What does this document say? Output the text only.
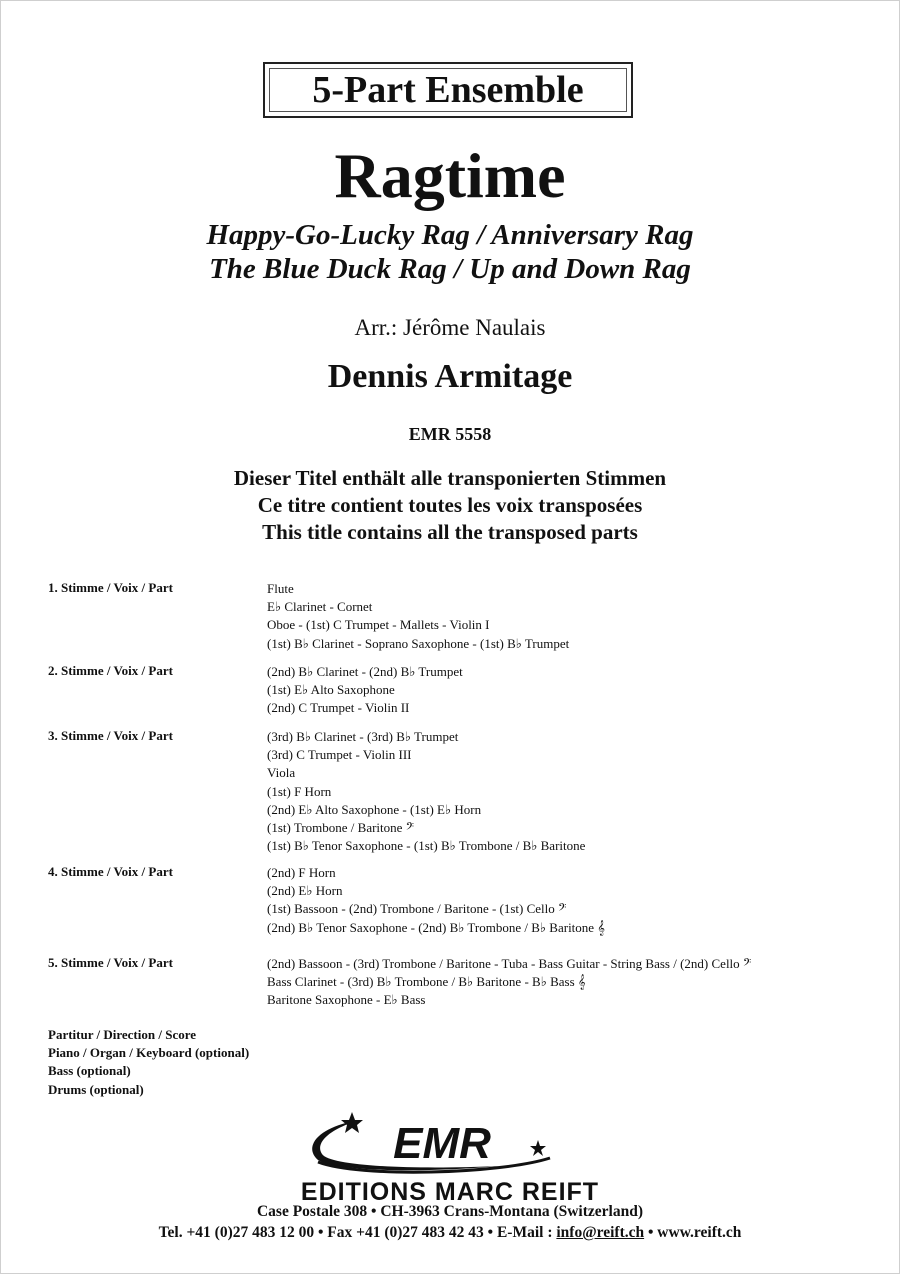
5-Part Ensemble
Ragtime
Happy-Go-Lucky Rag / Anniversary Rag
The Blue Duck Rag / Up and Down Rag
Arr.: Jérôme Naulais
Dennis Armitage
EMR 5558
Dieser Titel enthält alle transponierten Stimmen
Ce titre contient toutes les voix transposées
This title contains all the transposed parts
1. Stimme / Voix / Part	Flute
E♭ Clarinet - Cornet
Oboe - (1st) C Trumpet - Mallets - Violin I
(1st) B♭ Clarinet - Soprano Saxophone - (1st) B♭ Trumpet
2. Stimme / Voix / Part	(2nd) B♭ Clarinet - (2nd) B♭ Trumpet
(1st) E♭ Alto Saxophone
(2nd) C Trumpet - Violin II
3. Stimme / Voix / Part	(3rd) B♭ Clarinet - (3rd) B♭ Trumpet
(3rd) C Trumpet - Violin III
Viola
(1st) F Horn
(2nd) E♭ Alto Saxophone - (1st) E♭ Horn
(1st) Trombone / Baritone 𝄢
(1st) B♭ Tenor Saxophone - (1st) B♭ Trombone / B♭ Baritone
4. Stimme / Voix / Part	(2nd) F Horn
(2nd) E♭ Horn
(1st) Bassoon - (2nd) Trombone / Baritone - (1st) Cello 𝄢
(2nd) B♭ Tenor Saxophone - (2nd) B♭ Trombone / B♭ Baritone 𝄞
5. Stimme / Voix / Part	(2nd) Bassoon - (3rd) Trombone / Baritone - Tuba - Bass Guitar - String Bass / (2nd) Cello 𝄢
Bass Clarinet - (3rd) B♭ Trombone / B♭ Baritone - B♭ Bass 𝄞
Baritone Saxophone - E♭ Bass
Partitur / Direction / Score
Piano / Organ / Keyboard (optional)
Bass (optional)
Drums (optional)
EMR
EDITIONS MARC REIFT
Case Postale 308 • CH-3963 Crans-Montana (Switzerland)
Tel. +41 (0)27 483 12 00 • Fax +41 (0)27 483 42 43 • E-Mail : info@reift.ch • www.reift.ch
